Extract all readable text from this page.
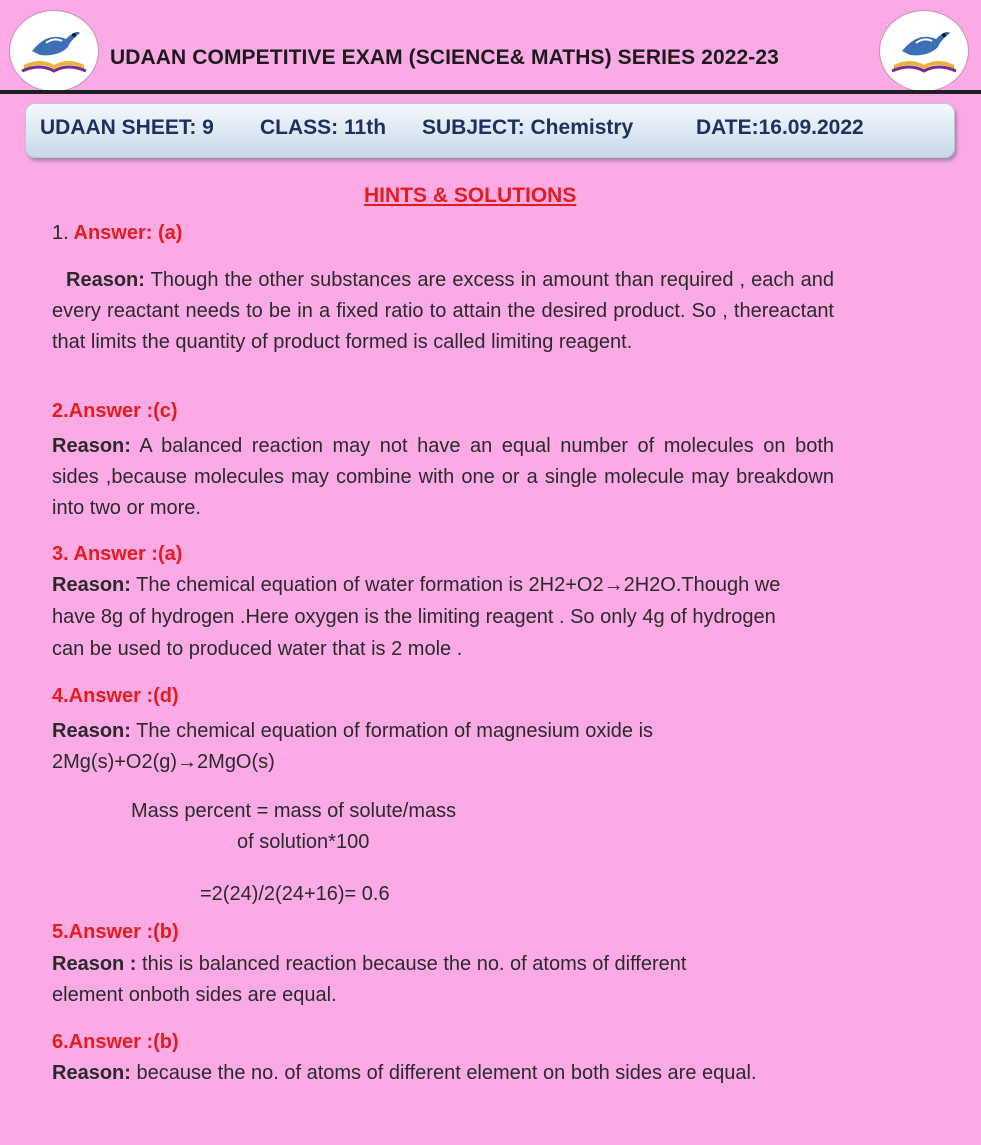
UDAAN COMPETITIVE EXAM (SCIENCE& MATHS) SERIES 2022-23
UDAAN SHEET: 9 CLASS: 11th SUBJECT: Chemistry	DATE:16.09.2022
HINTS & SOLUTIONS
1. Answer: (a)
Reason: Though the other substances are excess in amount than required , each and every reactant needs to be in a fixed ratio to attain the desired product. So , thereactant that limits the quantity of product formed is called limiting reagent.
2.Answer :(c)
Reason: A balanced reaction may not have an equal number of molecules on both sides ,because molecules may combine with one or a single molecule may breakdown into two or more.
3. Answer :(a)
Reason: The chemical equation of water formation is 2H2+O2→2H2O.Though we
have 8g of hydrogen .Here oxygen is the limiting reagent . So only 4g of hydrogen
can be used to produced water that is 2 mole .
4.Answer :(d)
Reason: The chemical equation of formation of magnesium oxide is
2Mg(s)+O2(g)→2MgO(s)
Mass percent = mass of solute/mass
of solution*100
=2(24)/2(24+16)= 0.6
5.Answer :(b)
Reason : this is balanced reaction because the no. of atoms of different
element onboth sides are equal.
6.Answer :(b)
Reason: because the no. of atoms of different element on both sides are equal.
